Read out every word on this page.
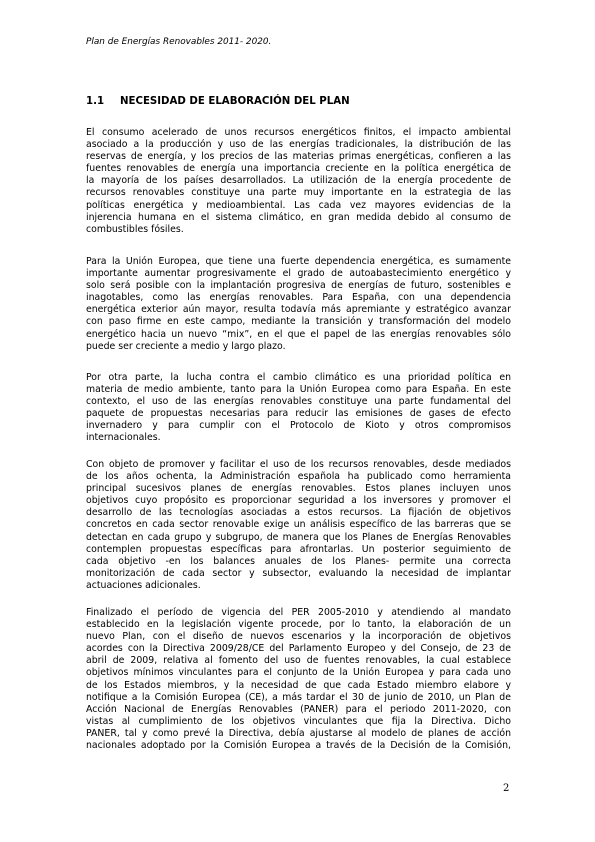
Plan de Energías Renovables 2011- 2020.
1.1 NECESIDAD DE ELABORACIÓN DEL PLAN
El consumo acelerado de unos recursos energéticos finitos, el impacto ambiental
asociado a la producción y uso de las energías tradicionales, la distribución de las
reservas de energía, y los precios de las materias primas energéticas, confieren a las
fuentes renovables de energía una importancia creciente en la política energética de
la mayoría de los países desarrollados. La utilización de la energía procedente de
recursos renovables constituye una parte muy importante en la estrategia de las
políticas energética y medioambiental. Las cada vez mayores evidencias de la
injerencia humana en el sistema climático, en gran medida debido al consumo de
combustibles fósiles.
Para la Unión Europea, que tiene una fuerte dependencia energética, es sumamente
importante aumentar progresivamente el grado de autoabastecimiento energético y
solo será posible con la implantación progresiva de energías de futuro, sostenibles e
inagotables, como las energías renovables. Para España, con una dependencia
energética exterior aún mayor, resulta todavía más apremiante y estratégico avanzar
con paso firme en este campo, mediante la transición y transformación del modelo
energético hacia un nuevo “mix”, en el que el papel de las energías renovables sólo
puede ser creciente a medio y largo plazo.
Por otra parte, la lucha contra el cambio climático es una prioridad política en
materia de medio ambiente, tanto para la Unión Europea como para España. En este
contexto, el uso de las energías renovables constituye una parte fundamental del
paquete de propuestas necesarias para reducir las emisiones de gases de efecto
invernadero y para cumplir con el Protocolo de Kioto y otros compromisos
internacionales.
Con objeto de promover y facilitar el uso de los recursos renovables, desde mediados
de los años ochenta, la Administración española ha publicado como herramienta
principal sucesivos planes de energías renovables. Estos planes incluyen unos
objetivos cuyo propósito es proporcionar seguridad a los inversores y promover el
desarrollo de las tecnologías asociadas a estos recursos. La fijación de objetivos
concretos en cada sector renovable exige un análisis específico de las barreras que se
detectan en cada grupo y subgrupo, de manera que los Planes de Energías Renovables
contemplen propuestas específicas para afrontarlas. Un posterior seguimiento de
cada objetivo -en los balances anuales de los Planes- permite una correcta
monitorización de cada sector y subsector, evaluando la necesidad de implantar
actuaciones adicionales.
Finalizado el período de vigencia del PER 2005-2010 y atendiendo al mandato
establecido en la legislación vigente procede, por lo tanto, la elaboración de un
nuevo Plan, con el diseño de nuevos escenarios y la incorporación de objetivos
acordes con la Directiva 2009/28/CE del Parlamento Europeo y del Consejo, de 23 de
abril de 2009, relativa al fomento del uso de fuentes renovables, la cual establece
objetivos mínimos vinculantes para el conjunto de la Unión Europea y para cada uno
de los Estados miembros, y la necesidad de que cada Estado miembro elabore y
notifique a la Comisión Europea (CE), a más tardar el 30 de junio de 2010, un Plan de
Acción Nacional de Energías Renovables (PANER) para el periodo 2011-2020, con
vistas al cumplimiento de los objetivos vinculantes que fija la Directiva. Dicho
PANER, tal y como prevé la Directiva, debía ajustarse al modelo de planes de acción
nacionales adoptado por la Comisión Europea a través de la Decisión de la Comisión,
2
